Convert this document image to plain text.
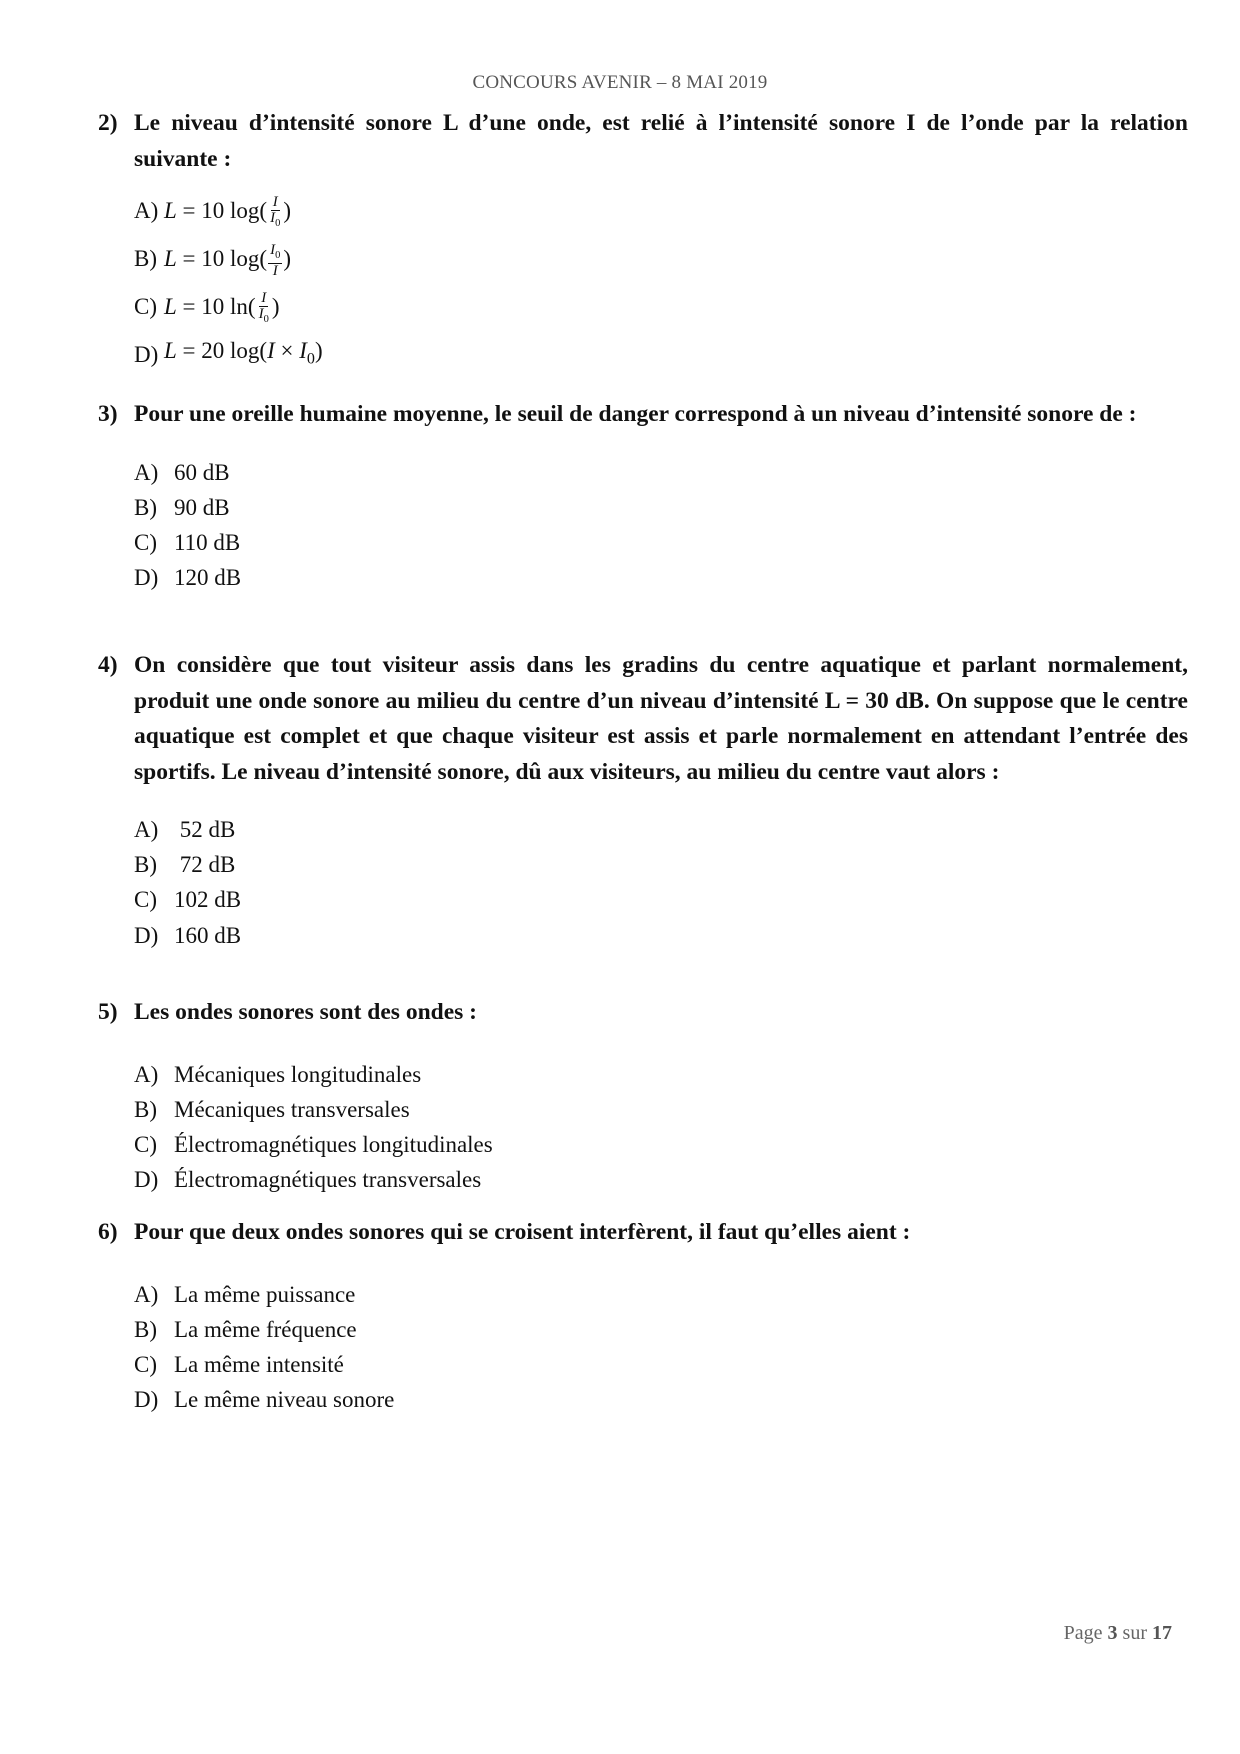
CONCOURS AVENIR – 8 MAI 2019
2) Le niveau d’intensité sonore L d’une onde, est relié à l’intensité sonore I de l’onde par la relation suivante :
A) L = 10 $\log( \frac{I}{I_0}$ )
B) L = 10 $\log( \frac{I_0}{I}$ )
C) L = 10 $\ln( \frac{I}{I_0}$ )
D) L = 20 $\log(I \times I_0)$
3) Pour une oreille humaine moyenne, le seuil de danger correspond à un niveau d’intensité sonore de :
A) 60 dB
B) 90 dB
C) 110 dB
D) 120 dB
4) On considère que tout visiteur assis dans les gradins du centre aquatique et parlant normalement, produit une onde sonore au milieu du centre d’un niveau d’intensité L = 30 dB. On suppose que le centre aquatique est complet et que chaque visiteur est assis et parle normalement en attendant l’entrée des sportifs. Le niveau d’intensité sonore, dû aux visiteurs, au milieu du centre vaut alors :
A) 52 dB
B) 72 dB
C) 102 dB
D) 160 dB
5) Les ondes sonores sont des ondes :
A) Mécaniques longitudinales
B) Mécaniques transversales
C) Électromagnétiques longitudinales
D) Électromagnétiques transversales
6) Pour que deux ondes sonores qui se croisent interfèrent, il faut qu’elles aient :
A) La même puissance
B) La même fréquence
C) La même intensité
D) Le même niveau sonore
Page 3 sur 17
